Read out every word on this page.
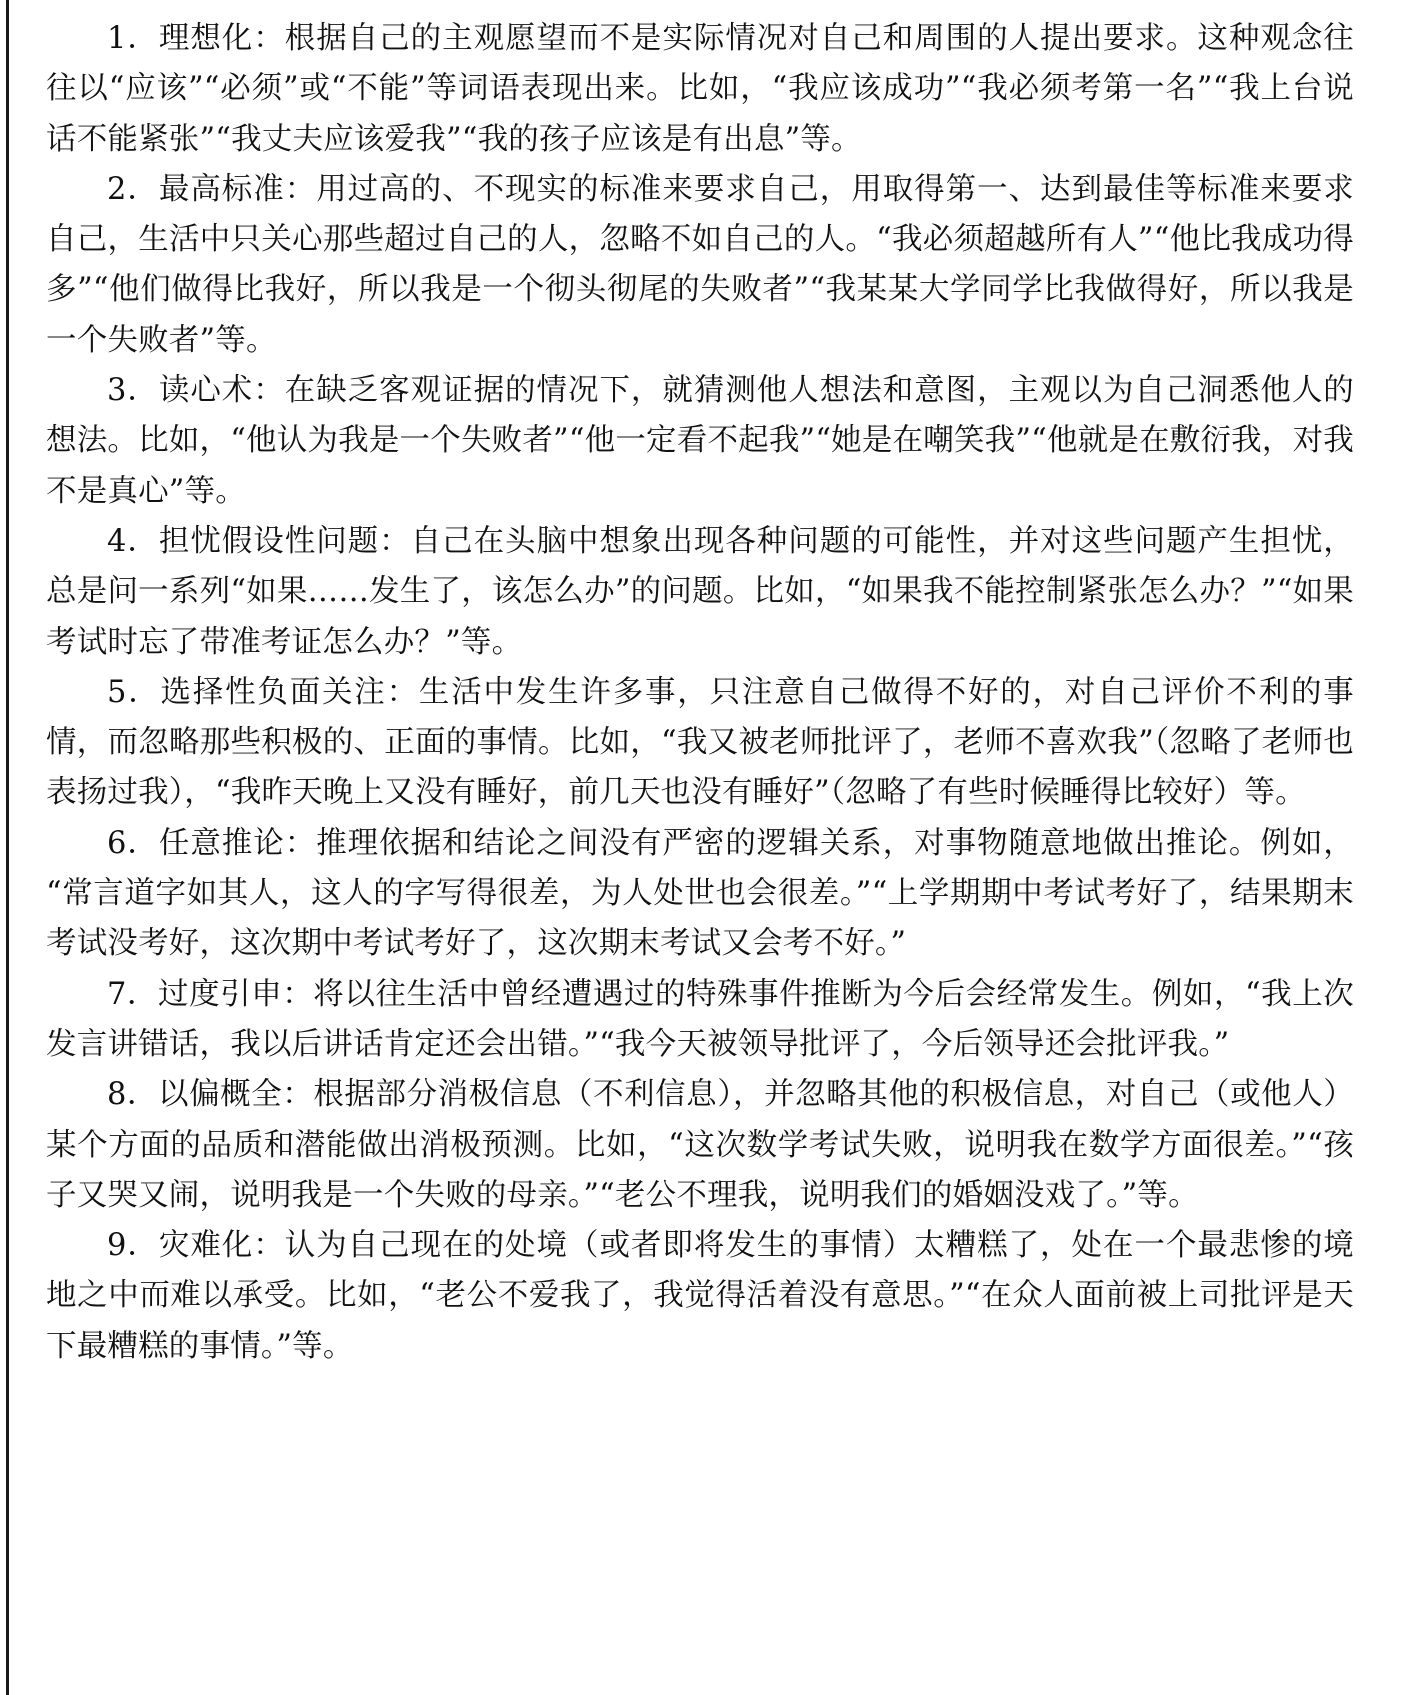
1．理想化：根据自己的主观愿望而不是实际情况对自己和周围的人提出要求。这种观念往往以“应该”“必须”或“不能”等词语表现出来。比如，“我应该成功”“我必须考第一名”“我上台说话不能紧张”“我丈夫应该爱我”“我的孩子应该是有出息”等。

2．最高标准：用过高的、不现实的标准来要求自己，用取得第一、达到最佳等标准来要求自己，生活中只关心那些超过自己的人，忽略不如自己的人。“我必须超越所有人”“他比我成功得多”“他们做得比我好，所以我是一个彻头彻尾的失败者”“我某某大学同学比我做得好，所以我是一个失败者”等。

3．读心术：在缺乏客观证据的情况下，就猜测他人想法和意图，主观以为自己洞悉他人的想法。比如，“他认为我是一个失败者”“他一定看不起我”“她是在嘲笑我”“他就是在敷衍我，对我不是真心”等。

4．担忧假设性问题：自己在头脑中想象出现各种问题的可能性，并对这些问题产生担忧，总是问一系列“如果……发生了，该怎么办”的问题。比如，“如果我不能控制紧张怎么办？”“如果考试时忘了带准考证怎么办？”等。

5．选择性负面关注：生活中发生许多事，只注意自己做得不好的，对自己评价不利的事情，而忽略那些积极的、正面的事情。比如，“我又被老师批评了，老师不喜欢我”（忽略了老师也表扬过我），“我昨天晚上又没有睡好，前几天也没有睡好”（忽略了有些时候睡得比较好）等。

6．任意推论：推理依据和结论之间没有严密的逻辑关系，对事物随意地做出推论。例如，“常言道字如其人，这人的字写得很差，为人处世也会很差。”“上学期期中考试考好了，结果期末考试没考好，这次期中考试考好了，这次期末考试又会考不好。”

7．过度引申：将以往生活中曾经遭遇过的特殊事件推断为今后会经常发生。例如，“我上次发言讲错话，我以后讲话肯定还会出错。”“我今天被领导批评了，今后领导还会批评我。”

8．以偏概全：根据部分消极信息（不利信息），并忽略其他的积极信息，对自己（或他人）某个方面的品质和潜能做出消极预测。比如，“这次数学考试失败，说明我在数学方面很差。”“孩子又哭又闹，说明我是一个失败的母亲。”“老公不理我，说明我们的婚姻没戏了。”等。

9．灾难化：认为自己现在的处境（或者即将发生的事情）太糟糕了，处在一个最悲惨的境地之中而难以承受。比如，“老公不爱我了，我觉得活着没有意思。”“在众人面前被上司批评是天下最糟糕的事情。”等。
